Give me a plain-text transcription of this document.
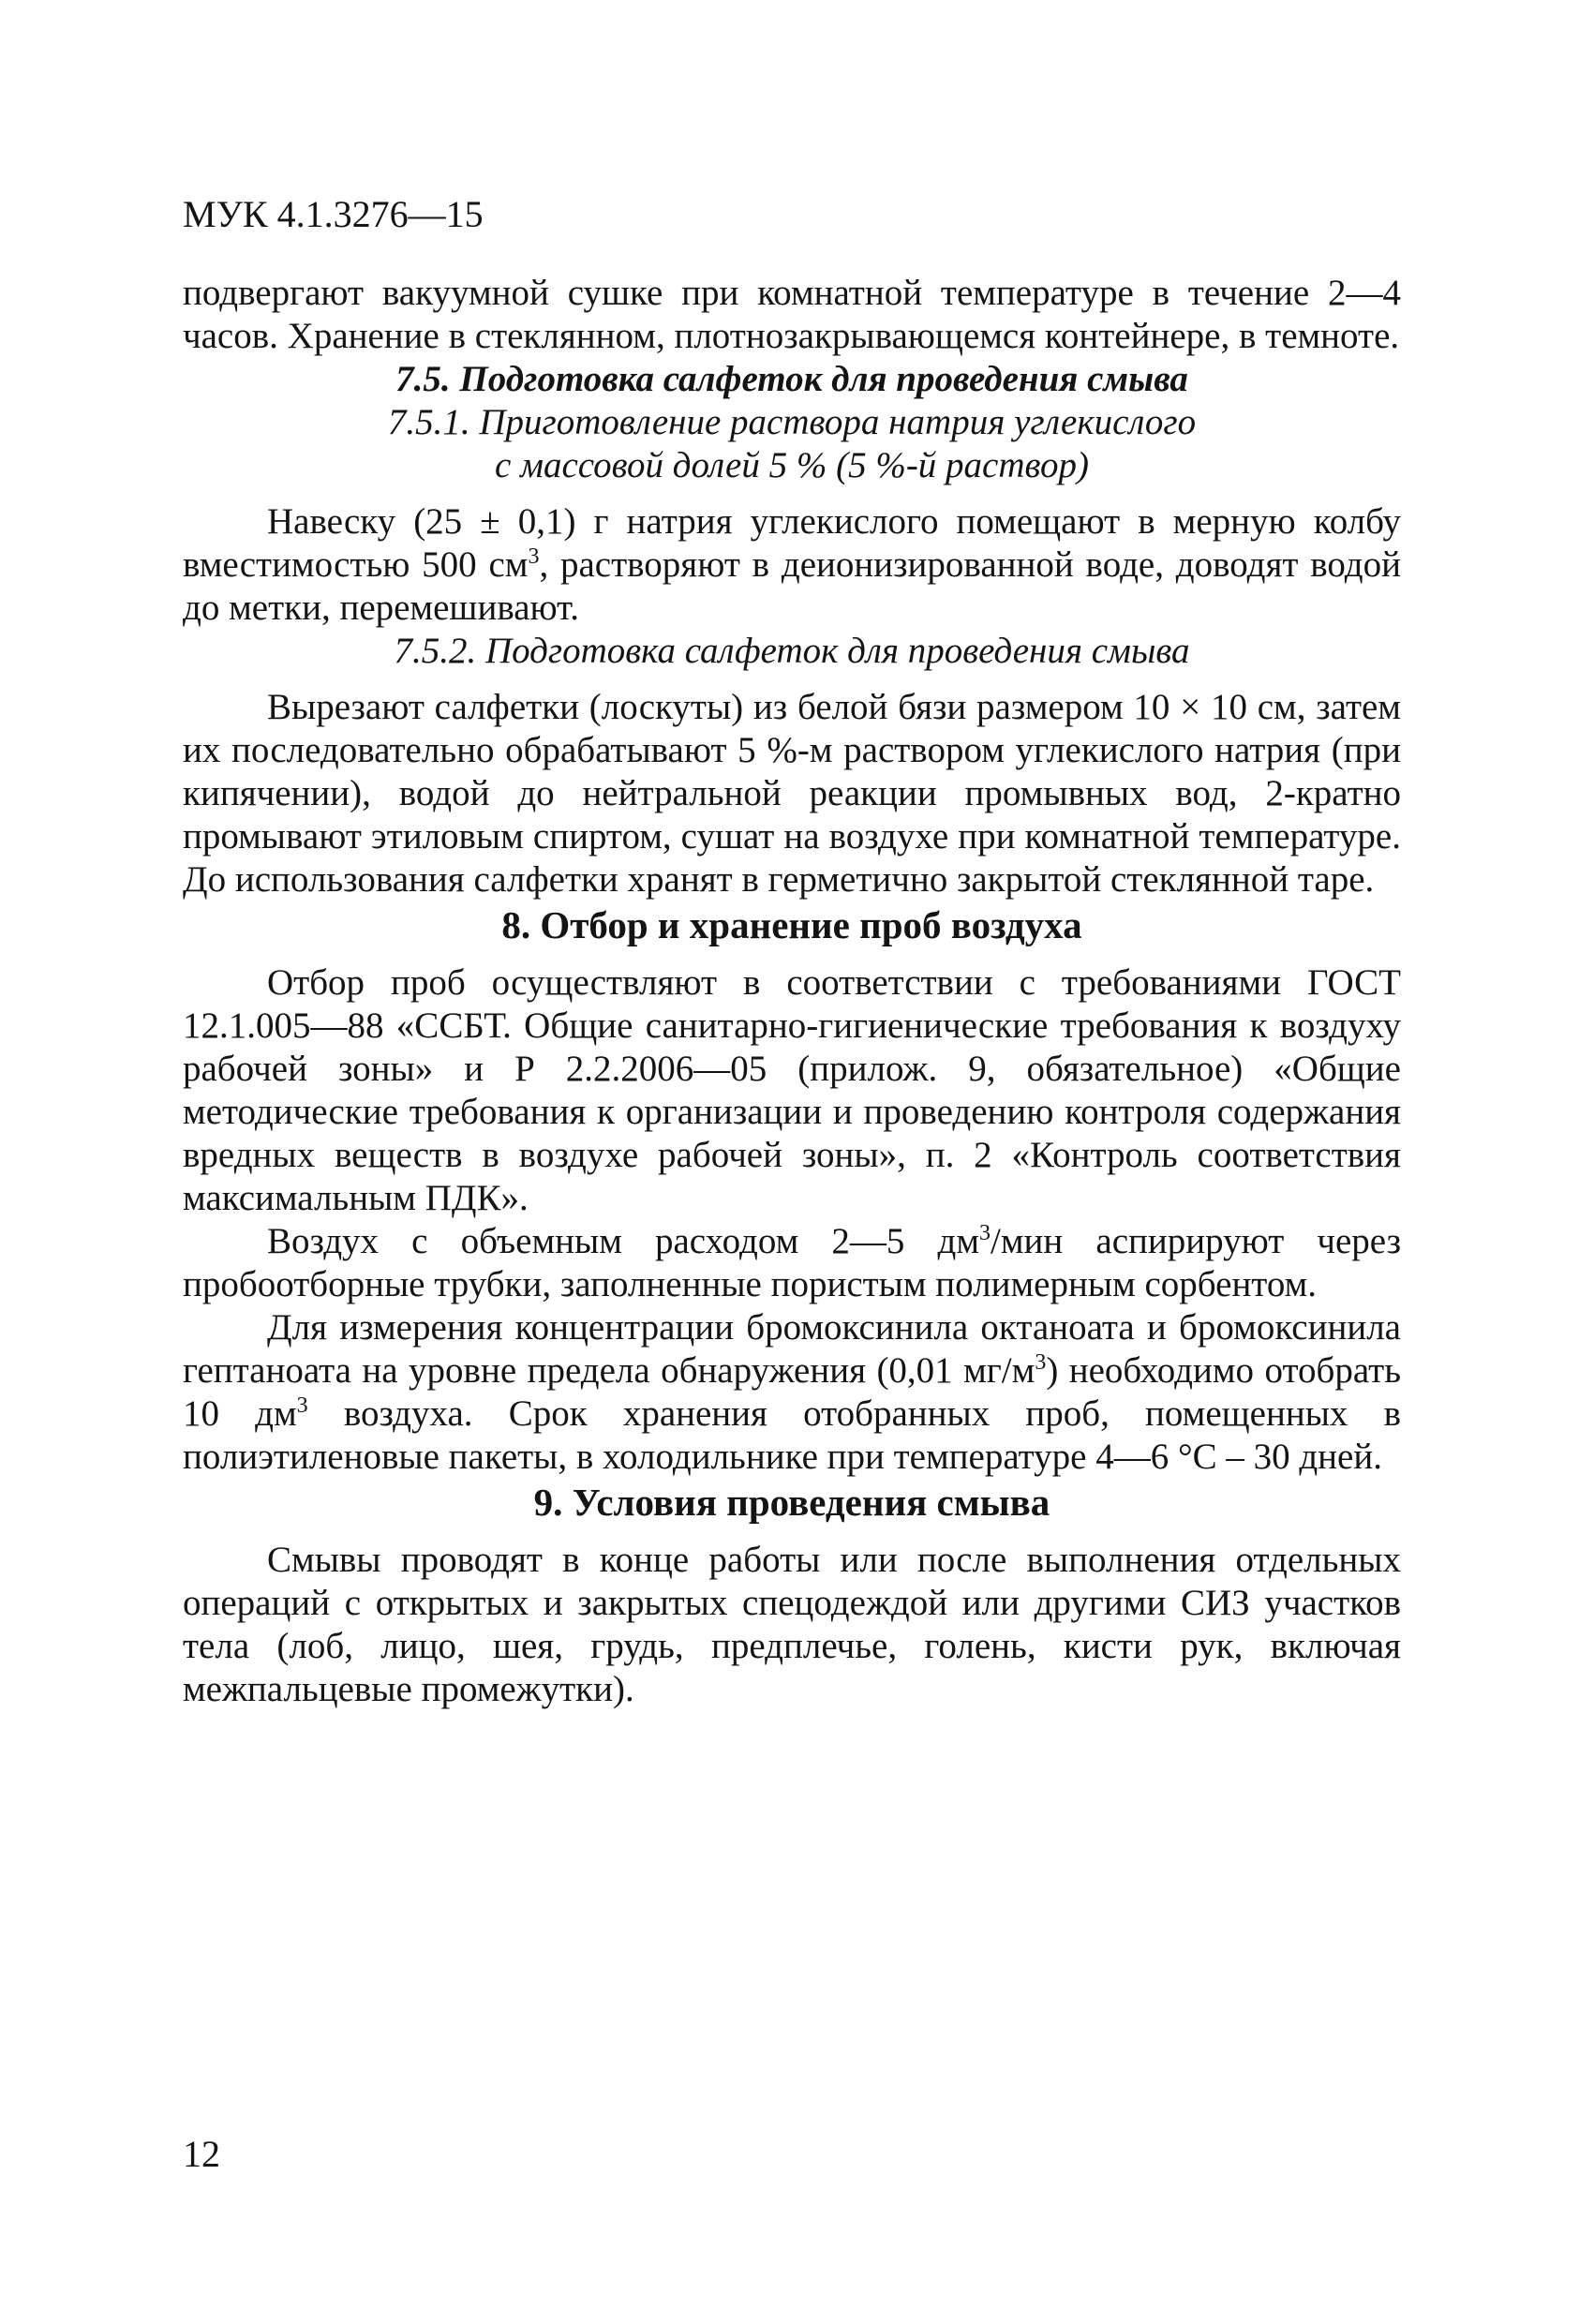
МУК 4.1.3276—15

подвергают вакуумной сушке при комнатной температуре в течение 2—4 часов. Хранение в стеклянном, плотнозакрывающемся контейнере, в темноте.

7.5. Подготовка салфеток для проведения смыва

7.5.1. Приготовление раствора натрия углекислого

с массовой долей 5 % (5 %-й раствор)

Навеску (25 ± 0,1) г натрия углекислого помещают в мерную колбу вместимостью 500 $см^3$, растворяют в деионизированной воде, доводят водой до метки, перемешивают.

7.5.2. Подготовка салфеток для проведения смыва

Вырезают салфетки (лоскуты) из белой бязи размером 10 × 10 см, затем их последовательно обрабатывают 5 %-м раствором углекислого натрия (при кипячении), водой до нейтральной реакции промывных вод, 2-кратно промывают этиловым спиртом, сушат на воздухе при комнатной температуре. До использования салфетки хранят в герметично закрытой стеклянной таре.

8. Отбор и хранение проб воздуха

Отбор проб осуществляют в соответствии с требованиями ГОСТ 12.1.005—88 «ССБТ. Общие санитарно-гигиенические требования к воздуху рабочей зоны» и Р 2.2.2006—05 (прилож. 9, обязательное) «Общие методические требования к организации и проведению контроля содержания вредных веществ в воздухе рабочей зоны», п. 2 «Контроль соответствия максимальным ПДК».

Воздух с объемным расходом 2—5 $дм^3$/мин аспирируют через пробоотборные трубки, заполненные пористым полимерным сорбентом.

Для измерения концентрации бромоксинила октаноата и бромоксинила гептаноата на уровне предела обнаружения (0,01 $мг/м^3$) необходимо отобрать 10 $дм^3$ воздуха. Срок хранения отобранных проб, помещенных в полиэтиленовые пакеты, в холодильнике при температуре 4—6 °С – 30 дней.

9. Условия проведения смыва

Смывы проводят в конце работы или после выполнения отдельных операций с открытых и закрытых спецодеждой или другими СИЗ участков тела (лоб, лицо, шея, грудь, предплечье, голень, кисти рук, включая межпальцевые промежутки).

12
